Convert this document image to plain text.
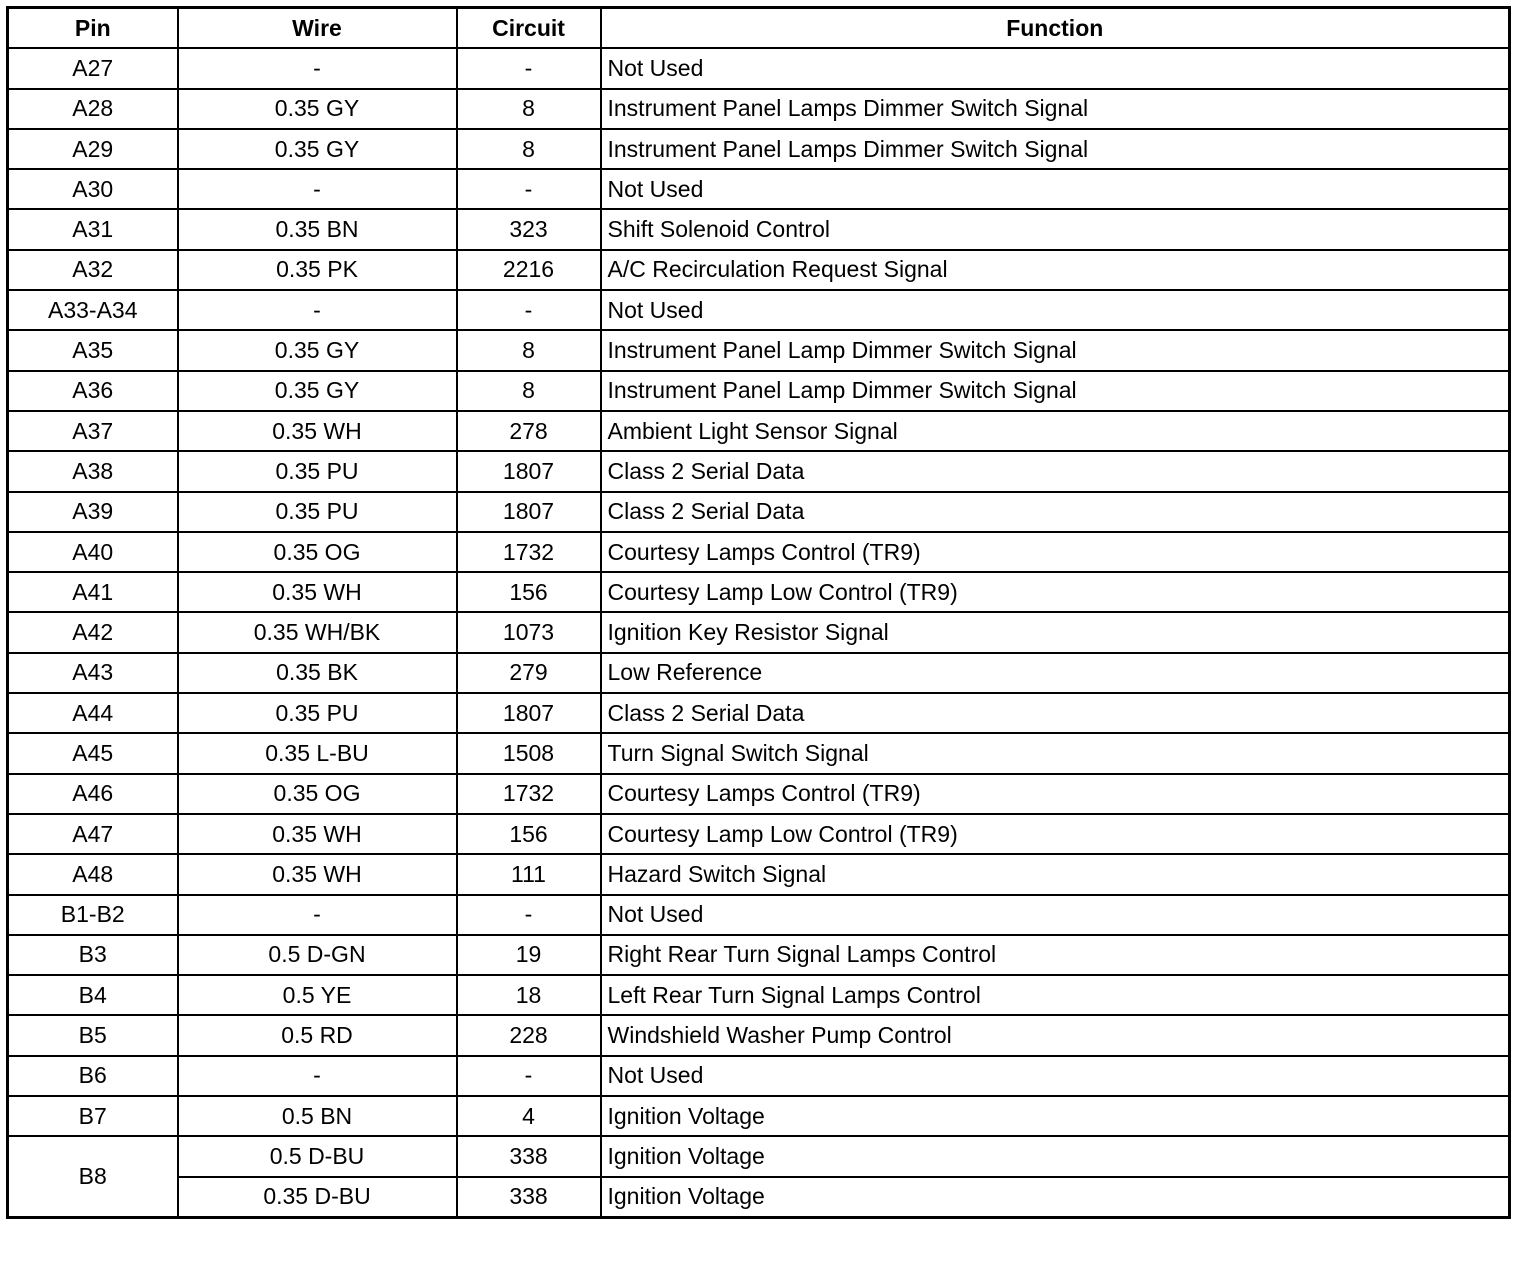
Pin	Wire	Circuit	Function
A27	-	-	Not Used
A28	0.35 GY	8	Instrument Panel Lamps Dimmer Switch Signal
A29	0.35 GY	8	Instrument Panel Lamps Dimmer Switch Signal
A30	-	-	Not Used
A31	0.35 BN	323	Shift Solenoid Control
A32	0.35 PK	2216	A/C Recirculation Request Signal
A33-A34	-	-	Not Used
A35	0.35 GY	8	Instrument Panel Lamp Dimmer Switch Signal
A36	0.35 GY	8	Instrument Panel Lamp Dimmer Switch Signal
A37	0.35 WH	278	Ambient Light Sensor Signal
A38	0.35 PU	1807	Class 2 Serial Data
A39	0.35 PU	1807	Class 2 Serial Data
A40	0.35 OG	1732	Courtesy Lamps Control (TR9)
A41	0.35 WH	156	Courtesy Lamp Low Control (TR9)
A42	0.35 WH/BK	1073	Ignition Key Resistor Signal
A43	0.35 BK	279	Low Reference
A44	0.35 PU	1807	Class 2 Serial Data
A45	0.35 L-BU	1508	Turn Signal Switch Signal
A46	0.35 OG	1732	Courtesy Lamps Control (TR9)
A47	0.35 WH	156	Courtesy Lamp Low Control (TR9)
A48	0.35 WH	111	Hazard Switch Signal
B1-B2	-	-	Not Used
B3	0.5 D-GN	19	Right Rear Turn Signal Lamps Control
B4	0.5 YE	18	Left Rear Turn Signal Lamps Control
B5	0.5 RD	228	Windshield Washer Pump Control
B6	-	-	Not Used
B7	0.5 BN	4	Ignition Voltage
B8	0.5 D-BU	338	Ignition Voltage
	0.35 D-BU	338	Ignition Voltage
